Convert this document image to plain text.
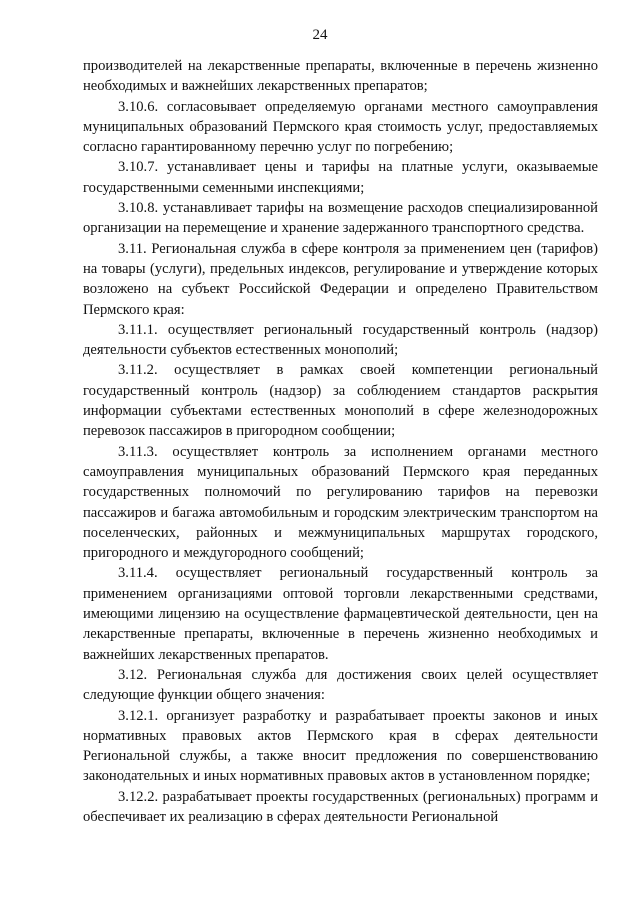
24

производителей на лекарственные препараты, включенные в перечень жизненно необходимых и важнейших лекарственных препаратов;

3.10.6. согласовывает определяемую органами местного самоуправления муниципальных образований Пермского края стоимость услуг, предоставляемых согласно гарантированному перечню услуг по погребению;

3.10.7. устанавливает цены и тарифы на платные услуги, оказываемые государственными семенными инспекциями;

3.10.8. устанавливает тарифы на возмещение расходов специализированной организации на перемещение и хранение задержанного транспортного средства.

3.11. Региональная служба в сфере контроля за применением цен (тарифов) на товары (услуги), предельных индексов, регулирование и утверждение которых возложено на субъект Российской Федерации и определено Правительством Пермского края:

3.11.1. осуществляет региональный государственный контроль (надзор) деятельности субъектов естественных монополий;

3.11.2. осуществляет в рамках своей компетенции региональный государственный контроль (надзор) за соблюдением стандартов раскрытия информации субъектами естественных монополий в сфере железнодорожных перевозок пассажиров в пригородном сообщении;

3.11.3. осуществляет контроль за исполнением органами местного самоуправления муниципальных образований Пермского края переданных государственных полномочий по регулированию тарифов на перевозки пассажиров и багажа автомобильным и городским электрическим транспортом на поселенческих, районных и межмуниципальных маршрутах городского, пригородного и междугородного сообщений;

3.11.4. осуществляет региональный государственный контроль за применением организациями оптовой торговли лекарственными средствами, имеющими лицензию на осуществление фармацевтической деятельности, цен на лекарственные препараты, включенные в перечень жизненно необходимых и важнейших лекарственных препаратов.

3.12. Региональная служба для достижения своих целей осуществляет следующие функции общего значения:

3.12.1. организует разработку и разрабатывает проекты законов и иных нормативных правовых актов Пермского края в сферах деятельности Региональной службы, а также вносит предложения по совершенствованию законодательных и иных нормативных правовых актов в установленном порядке;

3.12.2. разрабатывает проекты государственных (региональных) программ и обеспечивает их реализацию в сферах деятельности Региональной
